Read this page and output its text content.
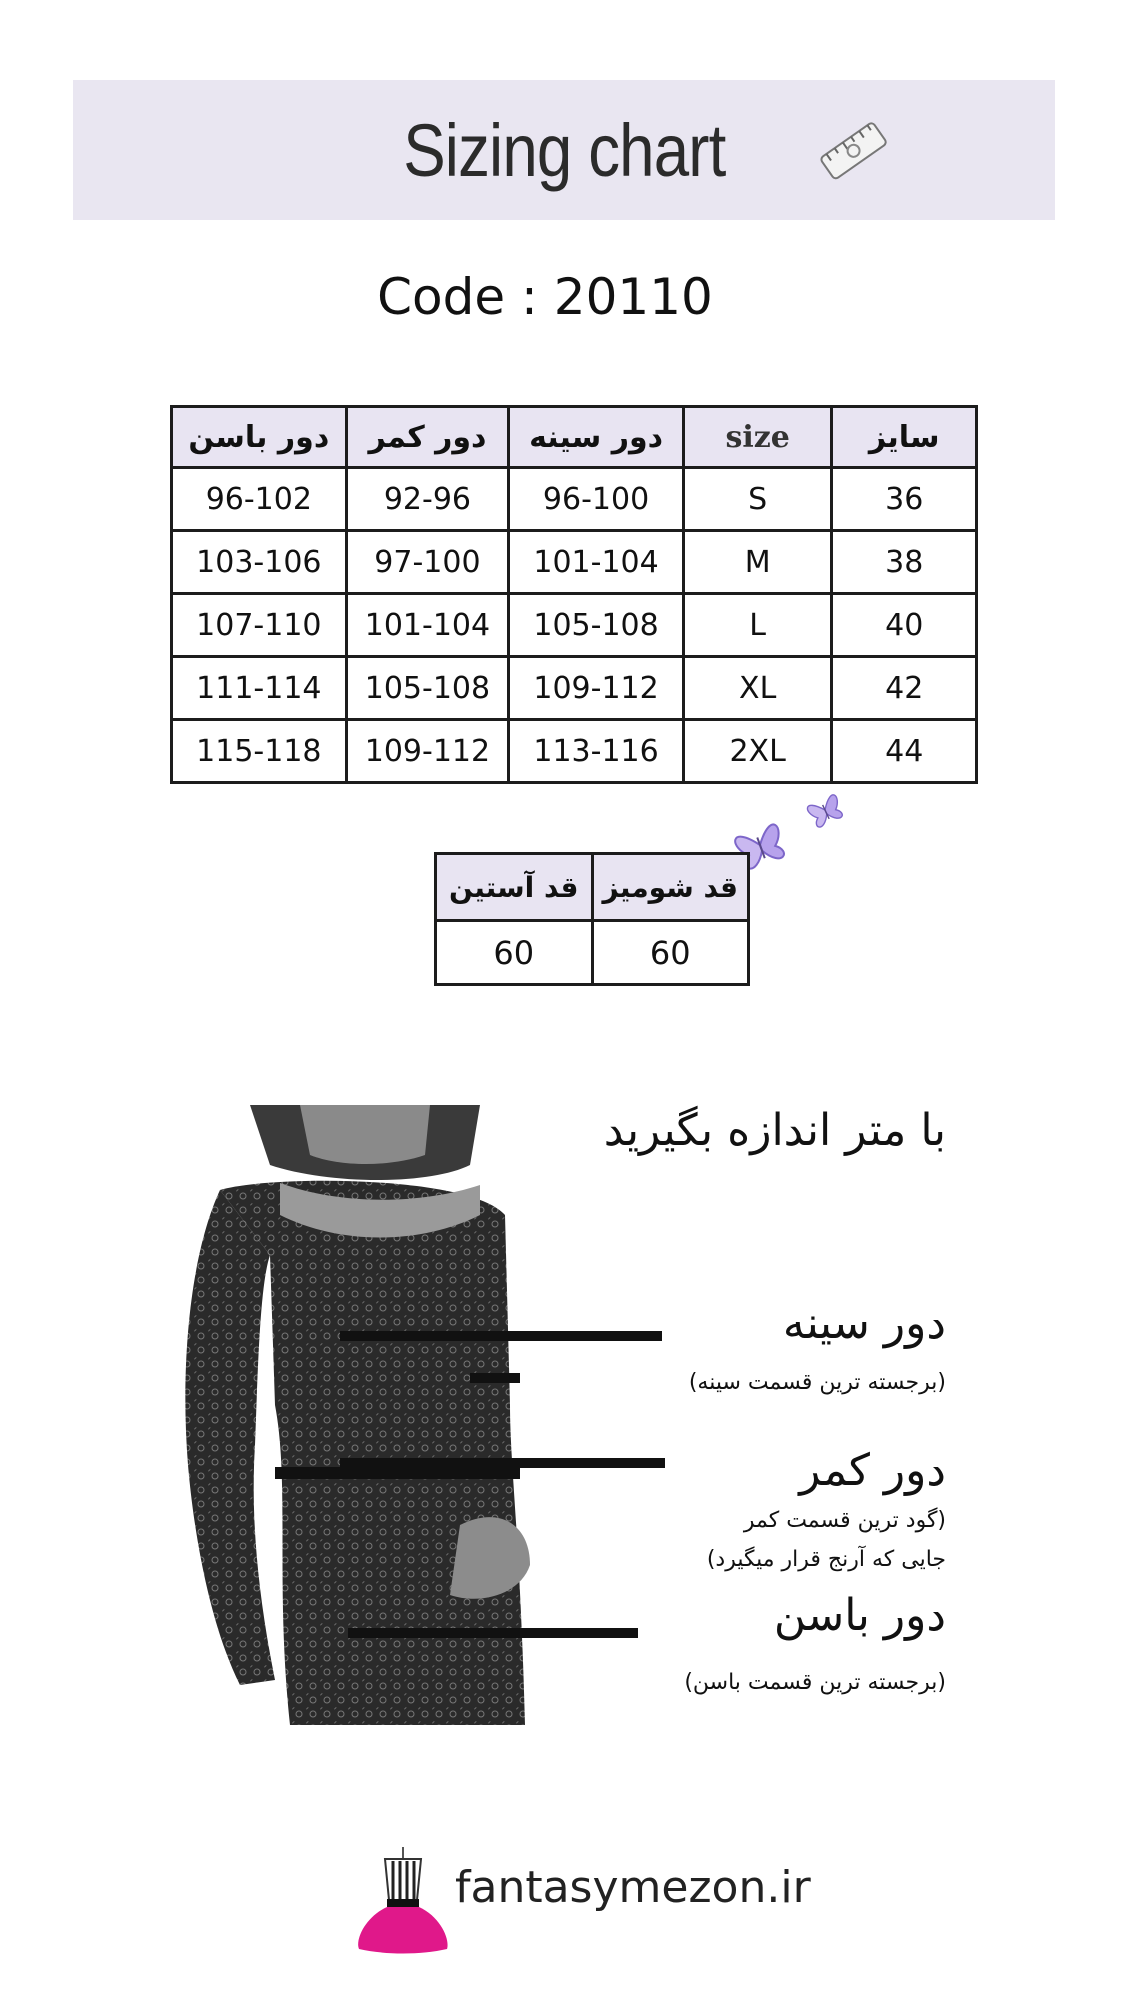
Sizing chart
Code : 20110
دور باسن	دور کمر	دور سینه	size	سایز
96-102	92-96	96-100	S	36
103-106	97-100	101-104	M	38
107-110	101-104	105-108	L	40
111-114	105-108	109-112	XL	42
115-118	109-112	113-116	2XL	44
قد آستین	قد شومیز
60	60
با متر اندازه بگیرید
دور سینه
(برجسته ترین قسمت سینه)
دور کمر
(گود ترین قسمت کمر
جایی که آرنج قرار میگیرد)
دور باسن
(برجسته ترین قسمت باسن)
fantasymezon.ir
